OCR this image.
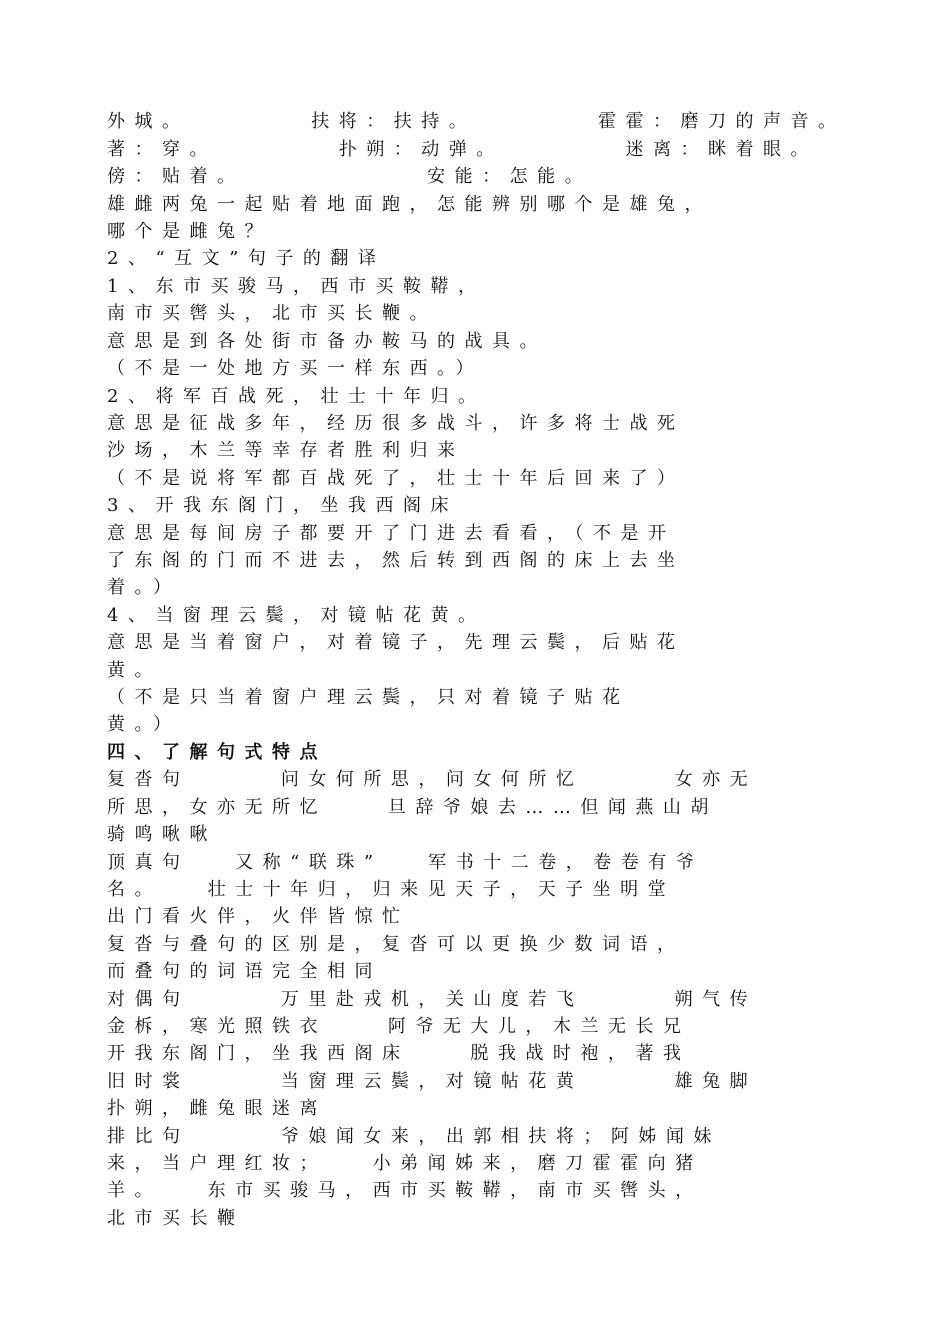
外城。        扶将：扶持。        霍霍：磨刀的声音。
著：穿。        扑朔：动弹。        迷离：眯着眼。
傍：贴着。            安能：怎能。
雄雌两兔一起贴着地面跑，怎能辨别哪个是雄兔，
哪个是雌兔？
2、“互文”句子的翻译
1、东市买骏马，西市买鞍鞯，
南市买辔头，北市买长鞭。
意思是到各处街市备办鞍马的战具。
（不是一处地方买一样东西。）
2、将军百战死，壮士十年归。
意思是征战多年，经历很多战斗，许多将士战死
沙场，木兰等幸存者胜利归来
（不是说将军都百战死了，壮士十年后回来了）
3、开我东阁门，坐我西阁床
意思是每间房子都要开了门进去看看，（不是开
了东阁的门而不进去，然后转到西阁的床上去坐
着。）
4、当窗理云鬓，对镜帖花黄。
意思是当着窗户，对着镜子，先理云鬓，后贴花
黄。
（不是只当着窗户理云鬓，只对着镜子贴花
黄。）
四、了解句式特点
复沓句      问女何所思，问女何所忆      女亦无
所思，女亦无所忆    旦辞爷娘去……但闻燕山胡
骑鸣啾啾
顶真句   又称“联珠”   军书十二卷，卷卷有爷
名。   壮士十年归，归来见天子，天子坐明堂
出门看火伴，火伴皆惊忙
复沓与叠句的区别是，复沓可以更换少数词语，
而叠句的词语完全相同
对偶句      万里赴戎机，关山度若飞      朔气传
金柝，寒光照铁衣    阿爷无大儿，木兰无长兄
开我东阁门，坐我西阁床    脱我战时袍，著我
旧时裳      当窗理云鬓，对镜帖花黄      雄兔脚
扑朔，雌兔眼迷离
排比句      爷娘闻女来，出郭相扶将；阿姊闻妹
来，当户理红妆；   小弟闻姊来，磨刀霍霍向猪
羊。   东市买骏马，西市买鞍鞯，南市买辔头，
北市买长鞭
